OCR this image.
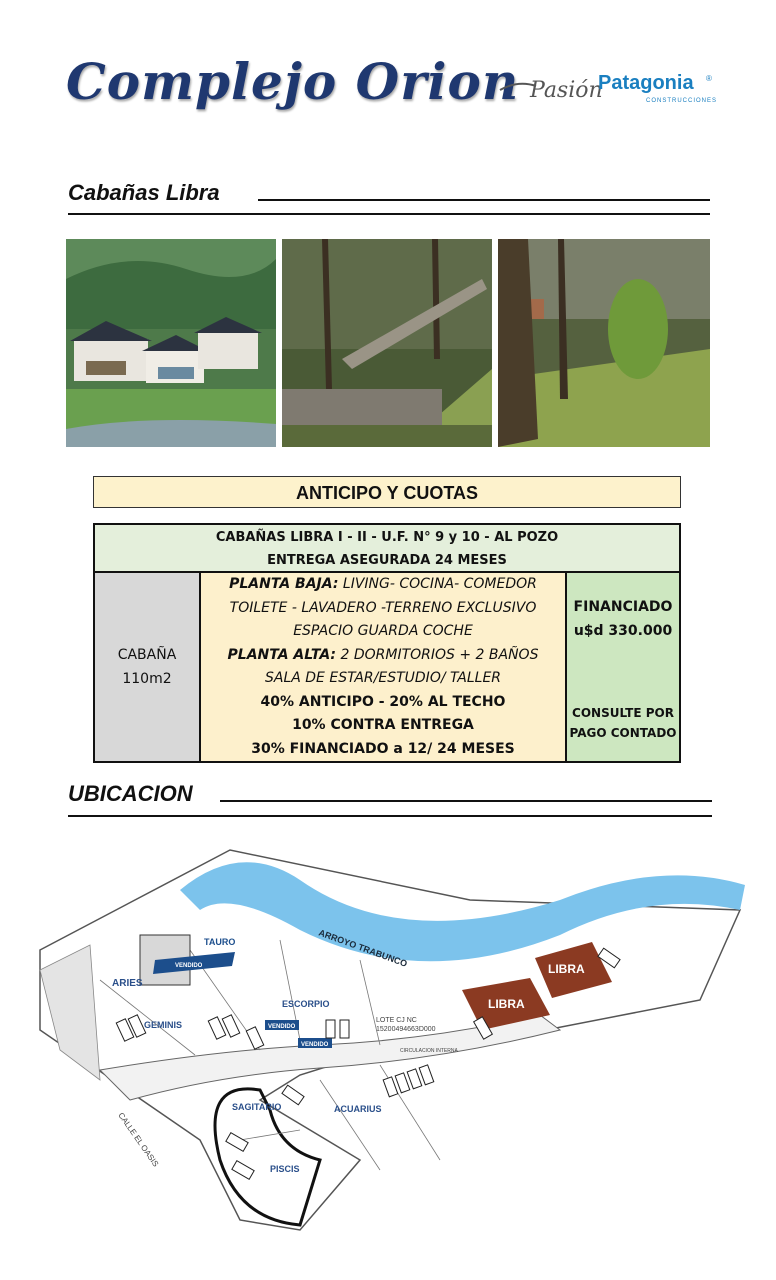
Complejo Orion Pasión
Patagonia ®
CONSTRUCCIONES
Cabañas Libra
ANTICIPO Y CUOTAS
CABAÑAS LIBRA I - II - U.F. N° 9 y 10 - AL POZO
ENTREGA ASEGURADA 24 MESES
CABAÑA
110m2
PLANTA BAJA: LIVING- COCINA- COMEDOR
TOILETE - LAVADERO -TERRENO EXCLUSIVO
ESPACIO GUARDA COCHE
PLANTA ALTA: 2 DORMITORIOS + 2 BAÑOS
SALA DE ESTAR/ESTUDIO/ TALLER
40% ANTICIPO - 20% AL TECHO
10% CONTRA ENTREGA
30% FINANCIADO a 12/ 24 MESES
FINANCIADO
u$d 330.000
CONSULTE POR
PAGO CONTADO
UBICACION
ARROYO TRABUNCO
CIRCULACION INTERNA
TAURO
VENDIDO
ARIES
GEMINIS
ESCORPIO
SAGITARIO	ACUARIUS
PISCIS
VENDIDO
VENDIDO
LIBRA
LIBRA
LOTE CJ NC
15200494663D000
CALLE EL OASIS
